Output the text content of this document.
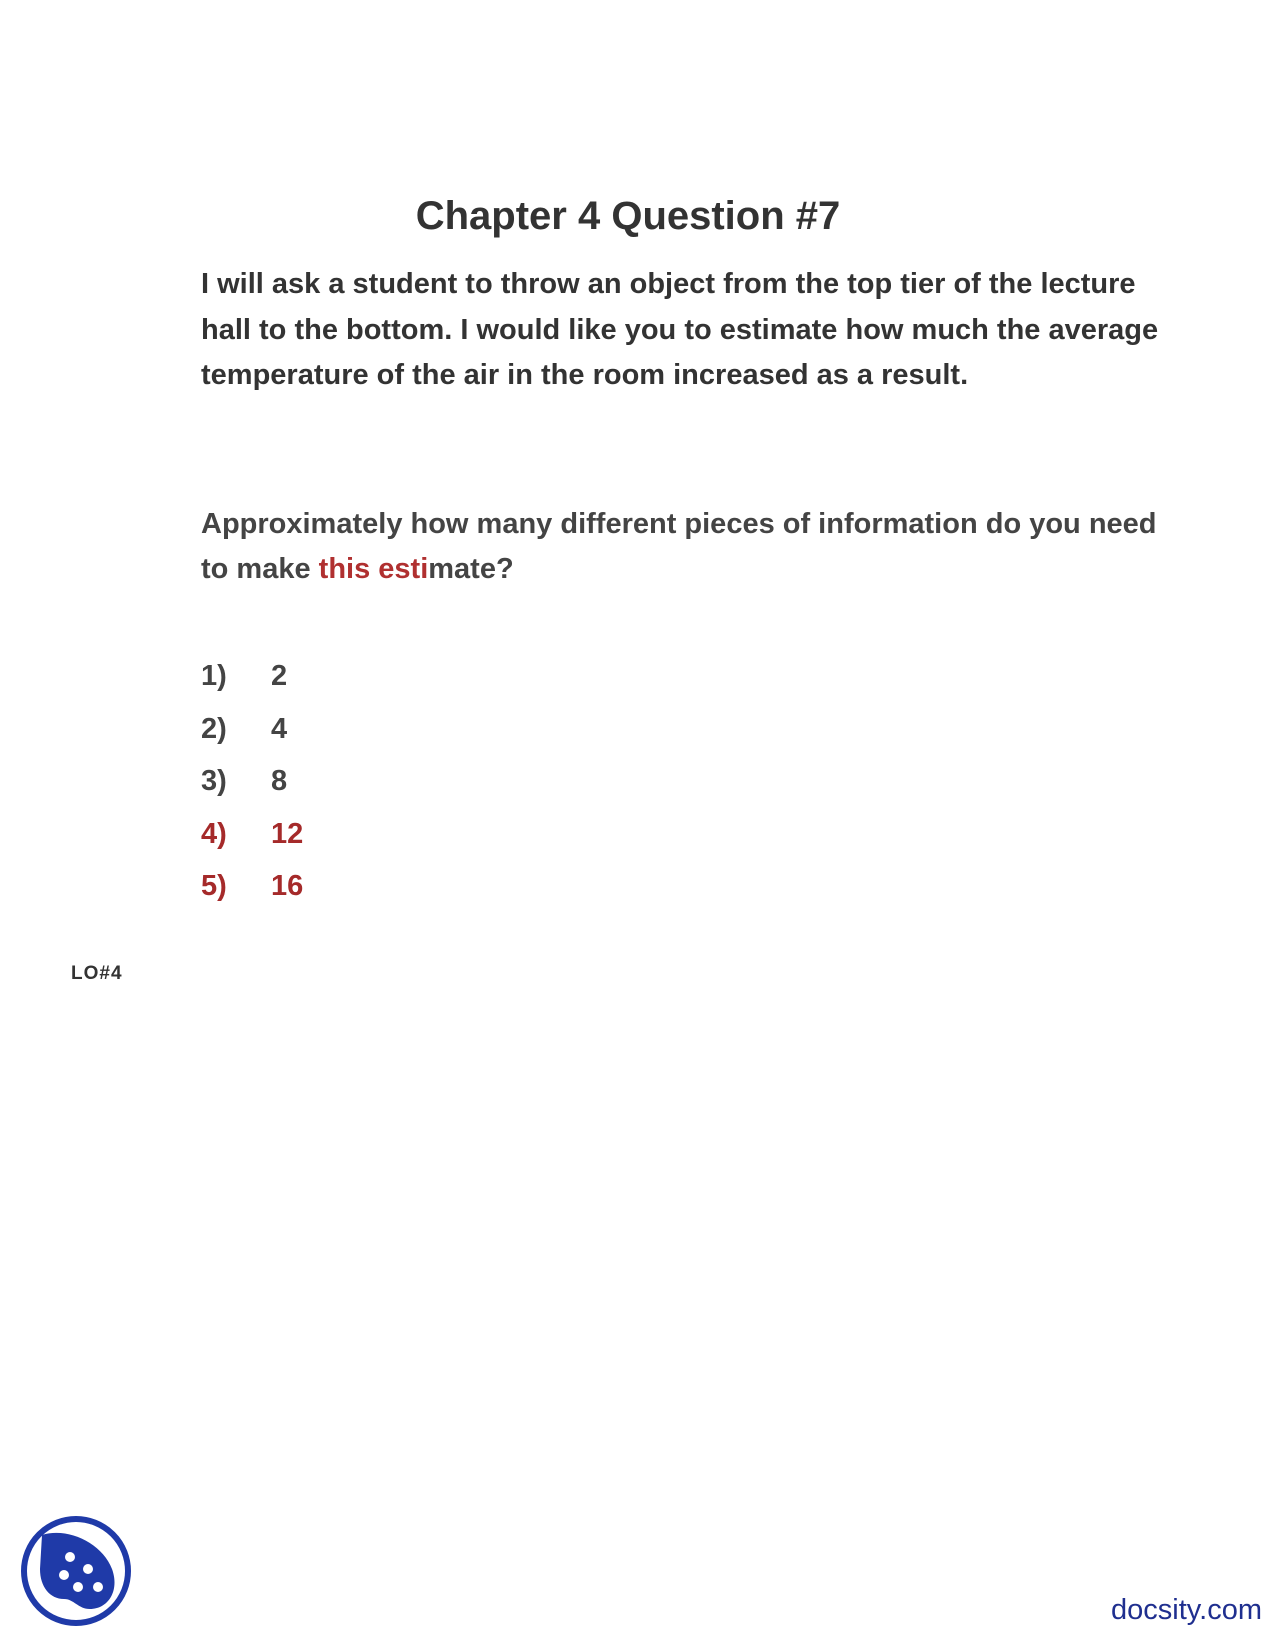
Chapter 4 Question #7

I will ask a student to throw an object from the top tier of the lecture hall to the bottom. I would like you to estimate how much the average temperature of the air in the room increased as a result.

Approximately how many different pieces of information do you need to make this estimate?

1) 2
2) 4
3) 8
4) 12
5) 16
LO#4
docsity.com
